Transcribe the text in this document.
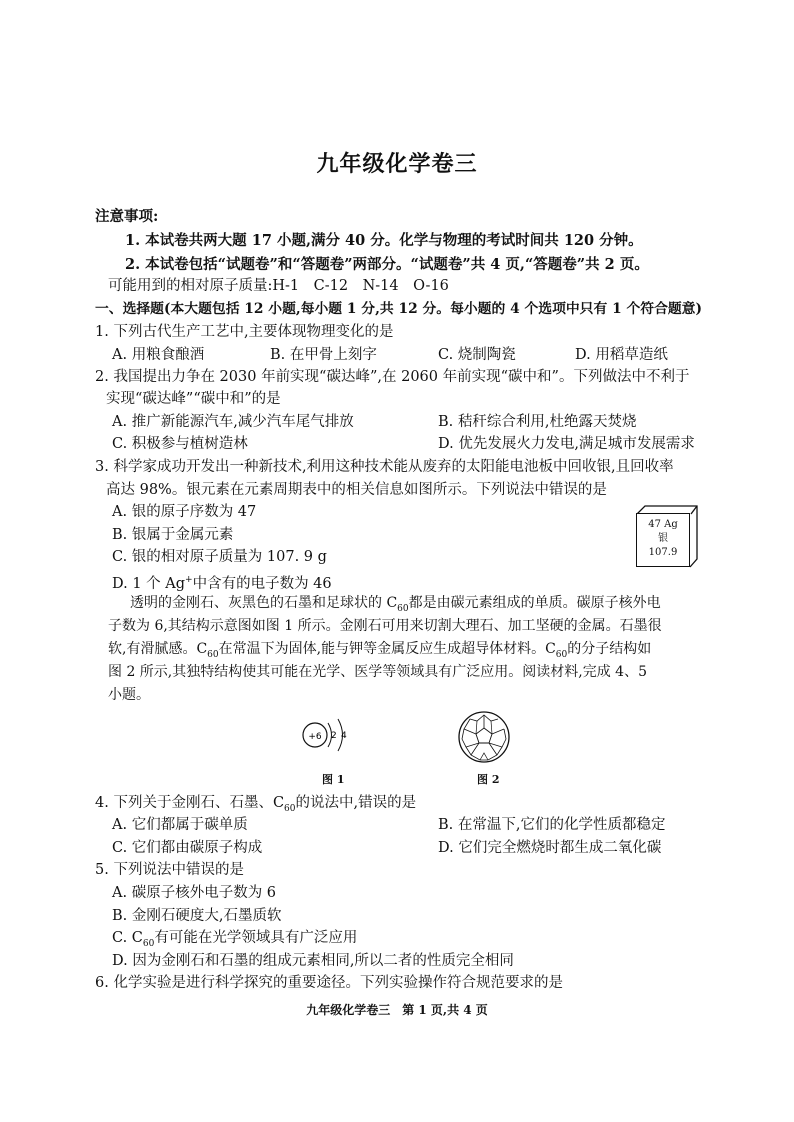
九年级化学卷三
注意事项:
1. 本试卷共两大题 17 小题,满分 40 分。化学与物理的考试时间共 120 分钟。
2. 本试卷包括“试题卷”和“答题卷”两部分。“试题卷”共 4 页,“答题卷”共 2 页。
可能用到的相对原子质量:H-1　C-12　N-14　O-16
一、选择题(本大题包括 12 小题,每小题 1 分,共 12 分。每小题的 4 个选项中只有 1 个符合题意)
1. 下列古代生产工艺中,主要体现物理变化的是
A. 用粮食酿酒	B. 在甲骨上刻字	C. 烧制陶瓷	D. 用稻草造纸
2. 我国提出力争在 2030 年前实现“碳达峰”,在 2060 年前实现“碳中和”。下列做法中不利于
实现“碳达峰”“碳中和”的是
A. 推广新能源汽车,减少汽车尾气排放	B. 秸秆综合利用,杜绝露天焚烧
C. 积极参与植树造林	D. 优先发展火力发电,满足城市发展需求
3. 科学家成功开发出一种新技术,利用这种技术能从废弃的太阳能电池板中回收银,且回收率
高达 98%。银元素在元素周期表中的相关信息如图所示。下列说法中错误的是
A. 银的原子序数为 47
B. 银属于金属元素
C. 银的相对原子质量为 107. 9 g
D. 1 个 Ag+中含有的电子数为 46
47 Ag
银
107.9
透明的金刚石、灰黑色的石墨和足球状的 $C_{60}$都是由碳元素组成的单质。碳原子核外电
子数为 6,其结构示意图如图 1 所示。金刚石可用来切割大理石、加工坚硬的金属。石墨很
软,有滑腻感。$C_{60}$在常温下为固体,能与钾等金属反应生成超导体材料。$C_{60}$的分子结构如
图 2 所示,其独特结构使其可能在光学、医学等领域具有广泛应用。阅读材料,完成 4、5
小题。
+6 2 4
图 1	图 2
4. 下列关于金刚石、石墨、$C_{60}$的说法中,错误的是
A. 它们都属于碳单质	B. 在常温下,它们的化学性质都稳定
C. 它们都由碳原子构成	D. 它们完全燃烧时都生成二氧化碳
5. 下列说法中错误的是
A. 碳原子核外电子数为 6
B. 金刚石硬度大,石墨质软
C. $C_{60}$有可能在光学领域具有广泛应用
D. 因为金刚石和石墨的组成元素相同,所以二者的性质完全相同
6. 化学实验是进行科学探究的重要途径。下列实验操作符合规范要求的是
九年级化学卷三　第 1 页,共 4 页
